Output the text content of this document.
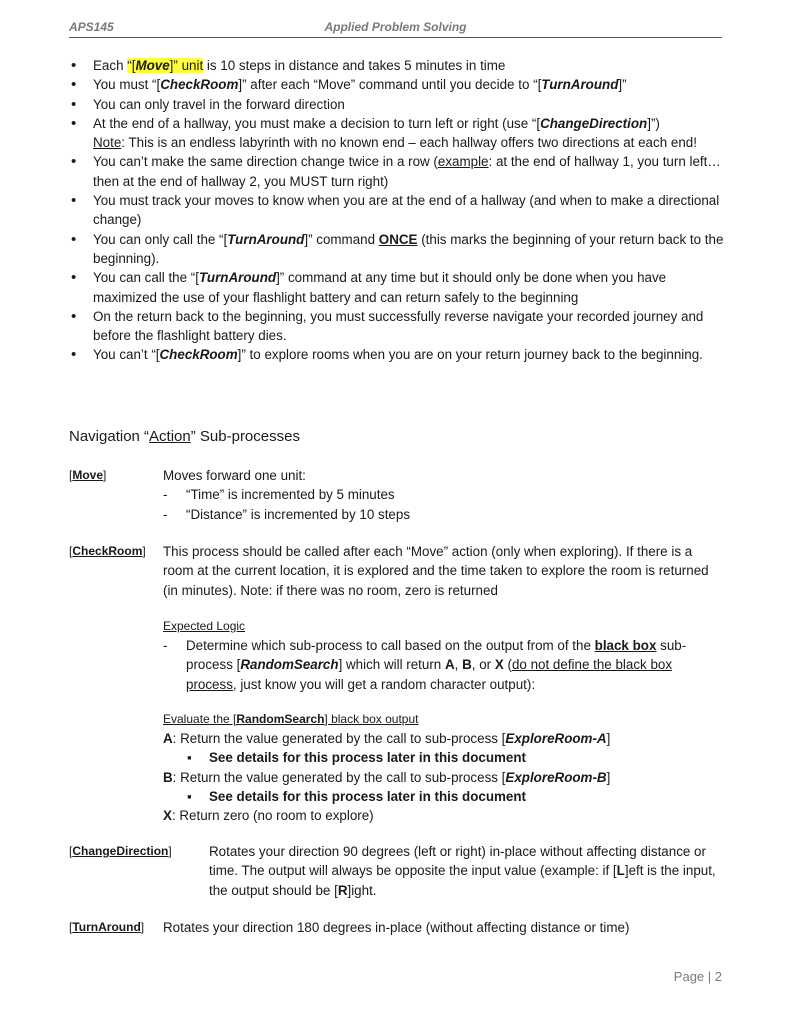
APS145	Applied Problem Solving
• Each “[Move]” unit is 10 steps in distance and takes 5 minutes in time
• You must “[CheckRoom]” after each “Move” command until you decide to “[TurnAround]”
• You can only travel in the forward direction
• At the end of a hallway, you must make a decision to turn left or right (use “[ChangeDirection]”)
Note: This is an endless labyrinth with no known end – each hallway offers two directions at each end!
• You can’t make the same direction change twice in a row (example: at the end of hallway 1, you turn left… then at the end of hallway 2, you MUST turn right)
• You must track your moves to know when you are at the end of a hallway (and when to make a directional change)
• You can only call the “[TurnAround]” command ONCE (this marks the beginning of your return back to the beginning).
• You can call the “[TurnAround]” command at any time but it should only be done when you have maximized the use of your flashlight battery and can return safely to the beginning
• On the return back to the beginning, you must successfully reverse navigate your recorded journey and before the flashlight battery dies.
• You can’t “[CheckRoom]” to explore rooms when you are on your return journey back to the beginning.
Navigation “Action” Sub-processes
[Move]	Moves forward one unit:
- “Time” is incremented by 5 minutes
- “Distance” is incremented by 10 steps
[CheckRoom] This process should be called after each “Move” action (only when exploring). If there is a room at the current location, it is explored and the time taken to explore the room is returned (in minutes). Note: if there was no room, zero is returned
Expected Logic
- Determine which sub-process to call based on the output from of the black box sub-process [RandomSearch] which will return A, B, or X (do not define the black box process, just know you will get a random character output):
Evaluate the [RandomSearch] black box output
A: Return the value generated by the call to sub-process [ExploreRoom-A]
▪ See details for this process later in this document
B: Return the value generated by the call to sub-process [ExploreRoom-B]
▪ See details for this process later in this document
X: Return zero (no room to explore)
[ChangeDirection]	Rotates your direction 90 degrees (left or right) in-place without affecting distance or time. The output will always be opposite the input value (example: if [L]eft is the input, the output should be [R]ight.
[TurnAround] Rotates your direction 180 degrees in-place (without affecting distance or time)
Page | 2
